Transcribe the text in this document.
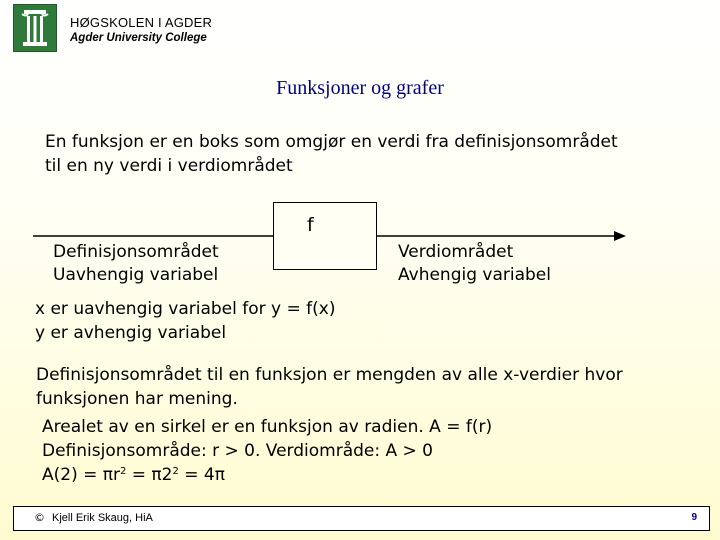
HØGSKOLEN I AGDER
Agder University College
Funksjoner og grafer
En funksjon er en boks som omgjør en verdi fra definisjonsområdet
til en ny verdi i verdiområdet
f
Definisjonsområdet
Uavhengig variabel
Verdiområdet
Avhengig variabel
x er uavhengig variabel for y = f(x)
y er avhengig variabel
Definisjonsområdet til en funksjon er mengden av alle x-verdier hvor
funksjonen har mening.
Arealet av en sirkel er en funksjon av radien. A = f(r)
Definisjonsområde: r > 0. Verdiområde: A > 0
$A(2) = \pi r^2 = \pi 2^2 = 4\pi$
© Kjell Erik Skaug, HiA	9
